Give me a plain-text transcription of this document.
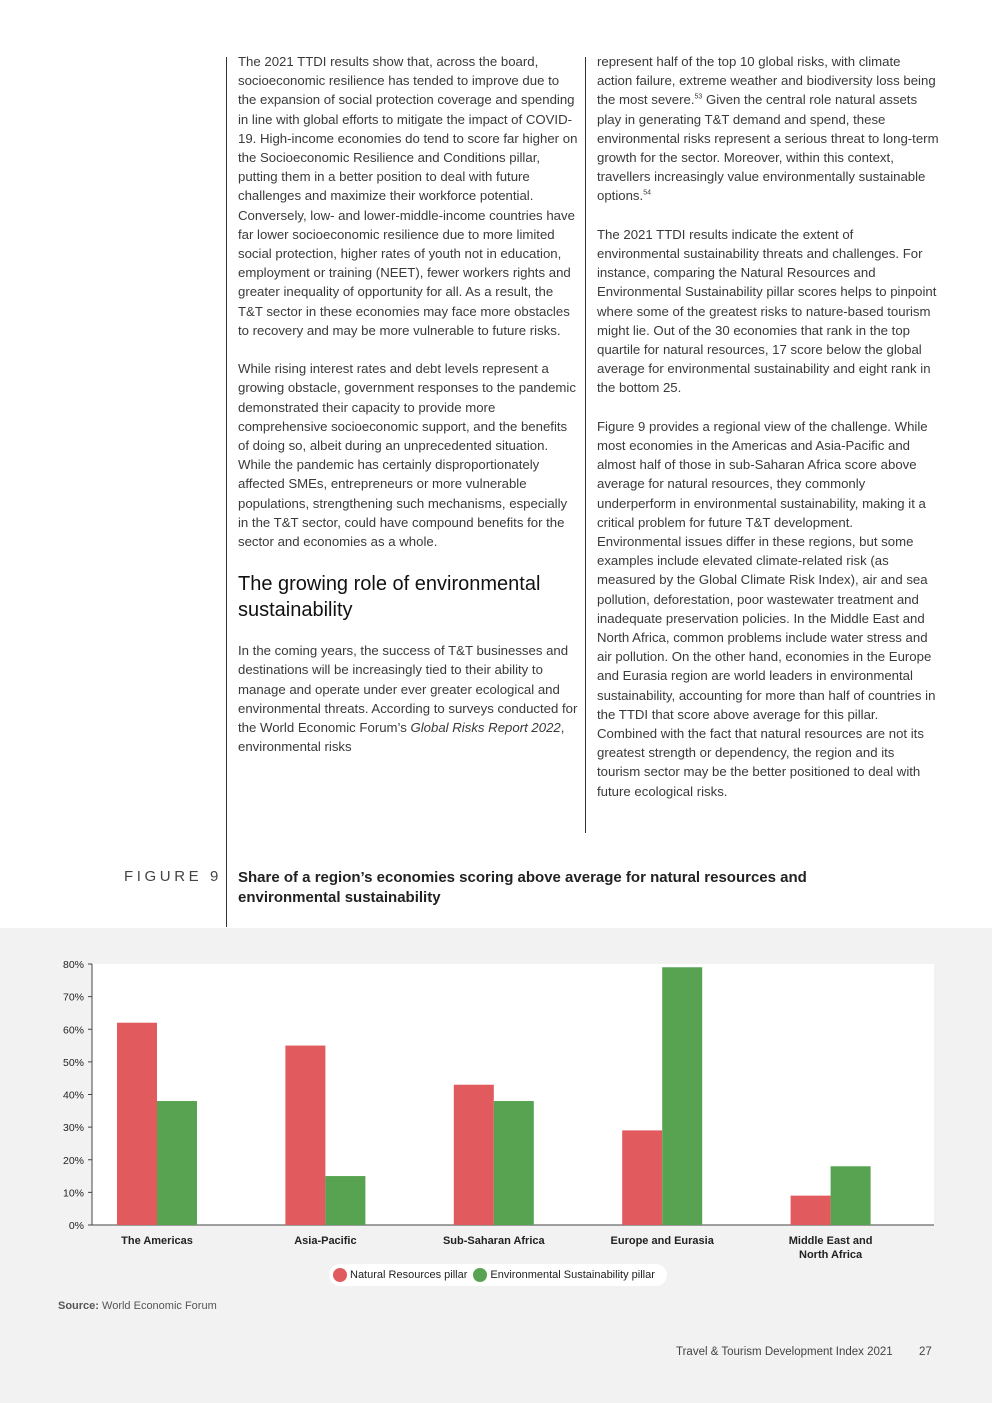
The 2021 TTDI results show that, across the board, socioeconomic resilience has tended to improve due to the expansion of social protection coverage and spending in line with global efforts to mitigate the impact of COVID-19. High-income economies do tend to score far higher on the Socioeconomic Resilience and Conditions pillar, putting them in a better position to deal with future challenges and maximize their workforce potential. Conversely, low- and lower-middle-income countries have far lower socioeconomic resilience due to more limited social protection, higher rates of youth not in education, employment or training (NEET), fewer workers rights and greater inequality of opportunity for all. As a result, the T&T sector in these economies may face more obstacles to recovery and may be more vulnerable to future risks.

While rising interest rates and debt levels represent a growing obstacle, government responses to the pandemic demonstrated their capacity to provide more comprehensive socioeconomic support, and the benefits of doing so, albeit during an unprecedented situation. While the pandemic has certainly disproportionately affected SMEs, entrepreneurs or more vulnerable populations, strengthening such mechanisms, especially in the T&T sector, could have compound benefits for the sector and economies as a whole.

The growing role of environmental sustainability

In the coming years, the success of T&T businesses and destinations will be increasingly tied to their ability to manage and operate under ever greater ecological and environmental threats. According to surveys conducted for the World Economic Forum’s Global Risks Report 2022, environmental risks

represent half of the top 10 global risks, with climate action failure, extreme weather and biodiversity loss being the most severe.$^{53}$ Given the central role natural assets play in generating T&T demand and spend, these environmental risks represent a serious threat to long-term growth for the sector. Moreover, within this context, travellers increasingly value environmentally sustainable options.$^{54}$

The 2021 TTDI results indicate the extent of environmental sustainability threats and challenges. For instance, comparing the Natural Resources and Environmental Sustainability pillar scores helps to pinpoint where some of the greatest risks to nature-based tourism might lie. Out of the 30 economies that rank in the top quartile for natural resources, 17 score below the global average for environmental sustainability and eight rank in the bottom 25.

Figure 9 provides a regional view of the challenge. While most economies in the Americas and Asia-Pacific and almost half of those in sub-Saharan Africa score above average for natural resources, they commonly underperform in environmental sustainability, making it a critical problem for future T&T development. Environmental issues differ in these regions, but some examples include elevated climate-related risk (as measured by the Global Climate Risk Index), air and sea pollution, deforestation, poor wastewater treatment and inadequate preservation policies. In the Middle East and North Africa, common problems include water stress and air pollution. On the other hand, economies in the Europe and Eurasia region are world leaders in environmental sustainability, accounting for more than half of countries in the TTDI that score above average for this pillar. Combined with the fact that natural resources are not its greatest strength or dependency, the region and its tourism sector may be the better positioned to deal with future ecological risks.

FIGURE 9 Share of a region’s economies scoring above average for natural resources and environmental sustainability
0%
10%
20%
30%
40%
50%
60%
70%
80%
The Americas	Asia-Pacific	Sub-Saharan Africa	Europe and Eurasia	Middle East and
North Africa
Natural Resources pillar Environmental Sustainability pillar
Source: World Economic Forum
Travel & Tourism Development Index 2021 27
